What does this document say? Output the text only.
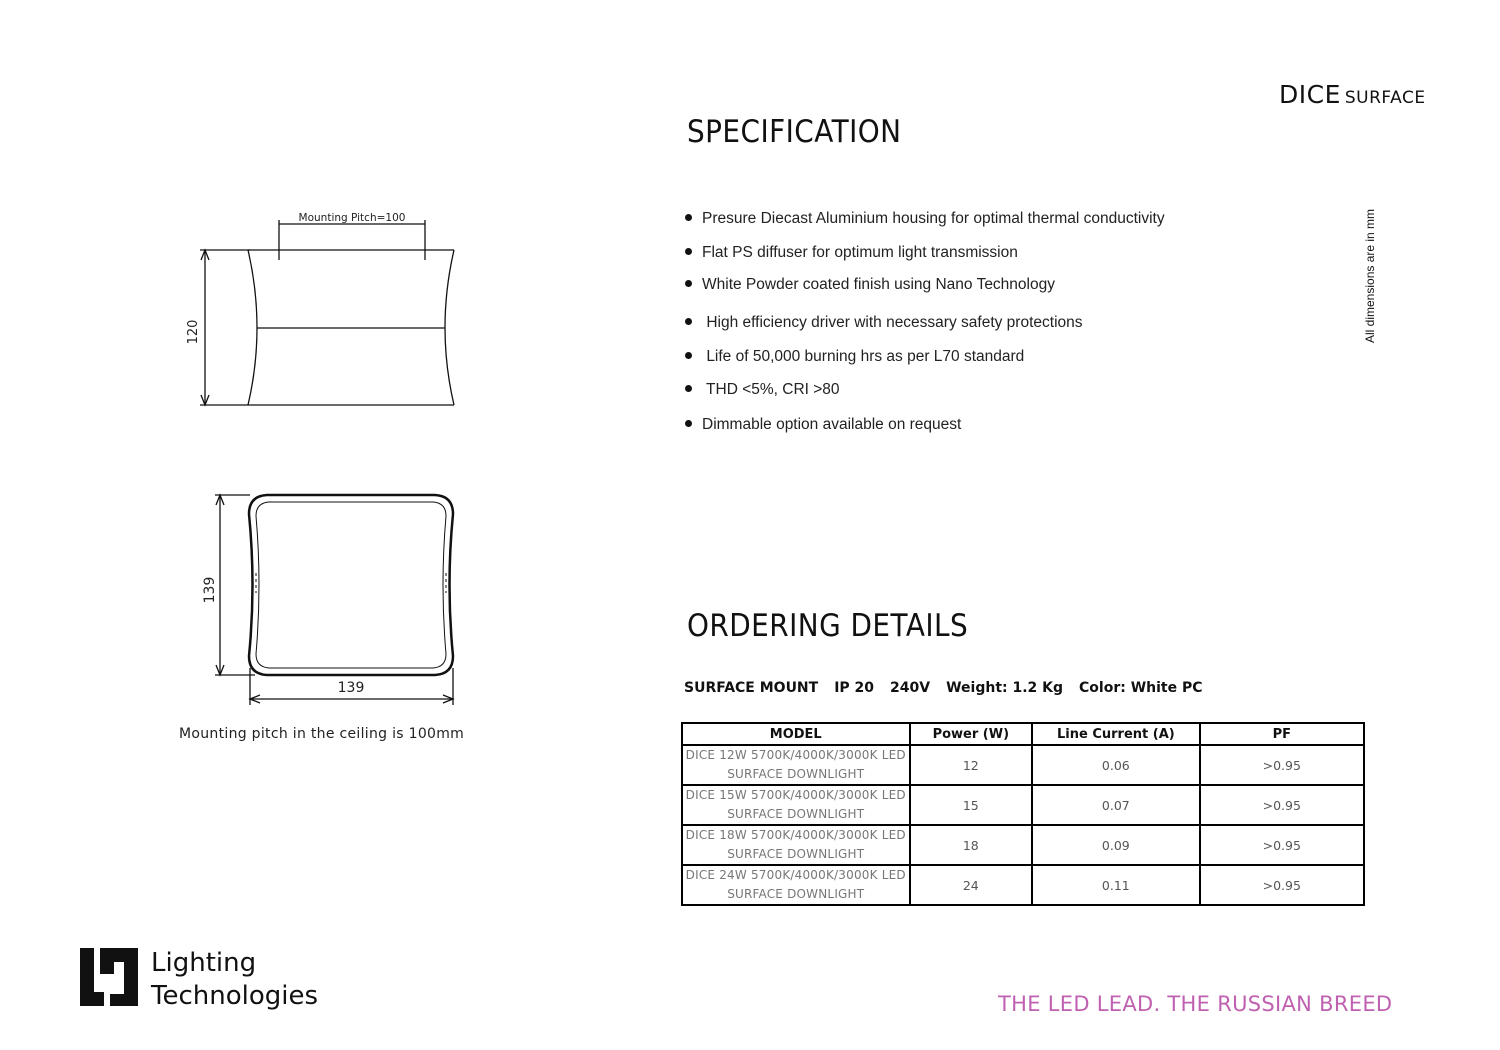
DICE SURFACE
SPECIFICATION
Presure Diecast Aluminium housing for optimal thermal conductivity
Flat PS diffuser for optimum light transmission
White Powder coated finish using Nano Technology
High efficiency driver with necessary safety protections
Life of 50,000 burning hrs as per L70 standard
THD <5%, CRI >80
Dimmable option available on request
All dimensions are in mm
Mounting Pitch=100
120
139
139
Mounting pitch in the ceiling is 100mm
ORDERING DETAILS
SURFACE MOUNT IP 20 240V Weight: 1.2 Kg Color: White PC
MODEL	Power (W)	Line Current (A)	PF

DICE 12W 5700K/4000K/3000K LED
SURFACE DOWNLIGHT	12	0.06	>0.95

DICE 15W 5700K/4000K/3000K LED
SURFACE DOWNLIGHT	15	0.07	>0.95

DICE 18W 5700K/4000K/3000K LED
SURFACE DOWNLIGHT	18	0.09	>0.95

DICE 24W 5700K/4000K/3000K LED
SURFACE DOWNLIGHT	24	0.11	>0.95
Lighting
Technologies	THE LED LEAD. THE RUSSIAN BREED
